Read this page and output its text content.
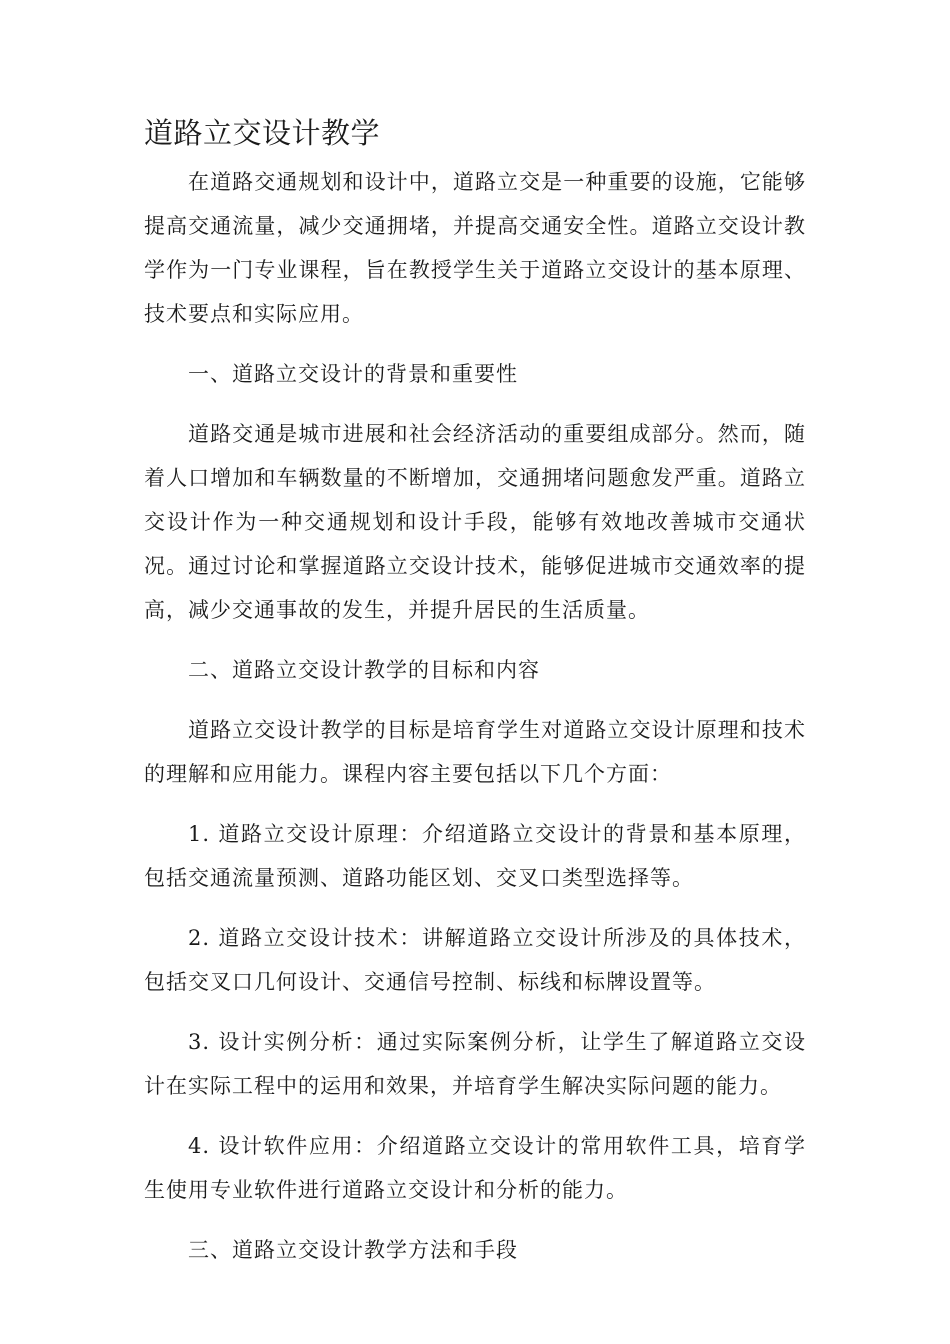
道路立交设计教学

在道路交通规划和设计中，道路立交是一种重要的设施，它能够提高交通流量，减少交通拥堵，并提高交通安全性。道路立交设计教学作为一门专业课程，旨在教授学生关于道路立交设计的基本原理、技术要点和实际应用。

一、道路立交设计的背景和重要性

道路交通是城市进展和社会经济活动的重要组成部分。然而，随着人口增加和车辆数量的不断增加，交通拥堵问题愈发严重。道路立交设计作为一种交通规划和设计手段，能够有效地改善城市交通状况。通过讨论和掌握道路立交设计技术，能够促进城市交通效率的提高，减少交通事故的发生，并提升居民的生活质量。

二、道路立交设计教学的目标和内容

道路立交设计教学的目标是培育学生对道路立交设计原理和技术的理解和应用能力。课程内容主要包括以下几个方面：

1. 道路立交设计原理：介绍道路立交设计的背景和基本原理，包括交通流量预测、道路功能区划、交叉口类型选择等。

2. 道路立交设计技术：讲解道路立交设计所涉及的具体技术，包括交叉口几何设计、交通信号控制、标线和标牌设置等。

3. 设计实例分析：通过实际案例分析，让学生了解道路立交设计在实际工程中的运用和效果，并培育学生解决实际问题的能力。

4. 设计软件应用：介绍道路立交设计的常用软件工具，培育学生使用专业软件进行道路立交设计和分析的能力。

三、道路立交设计教学方法和手段
